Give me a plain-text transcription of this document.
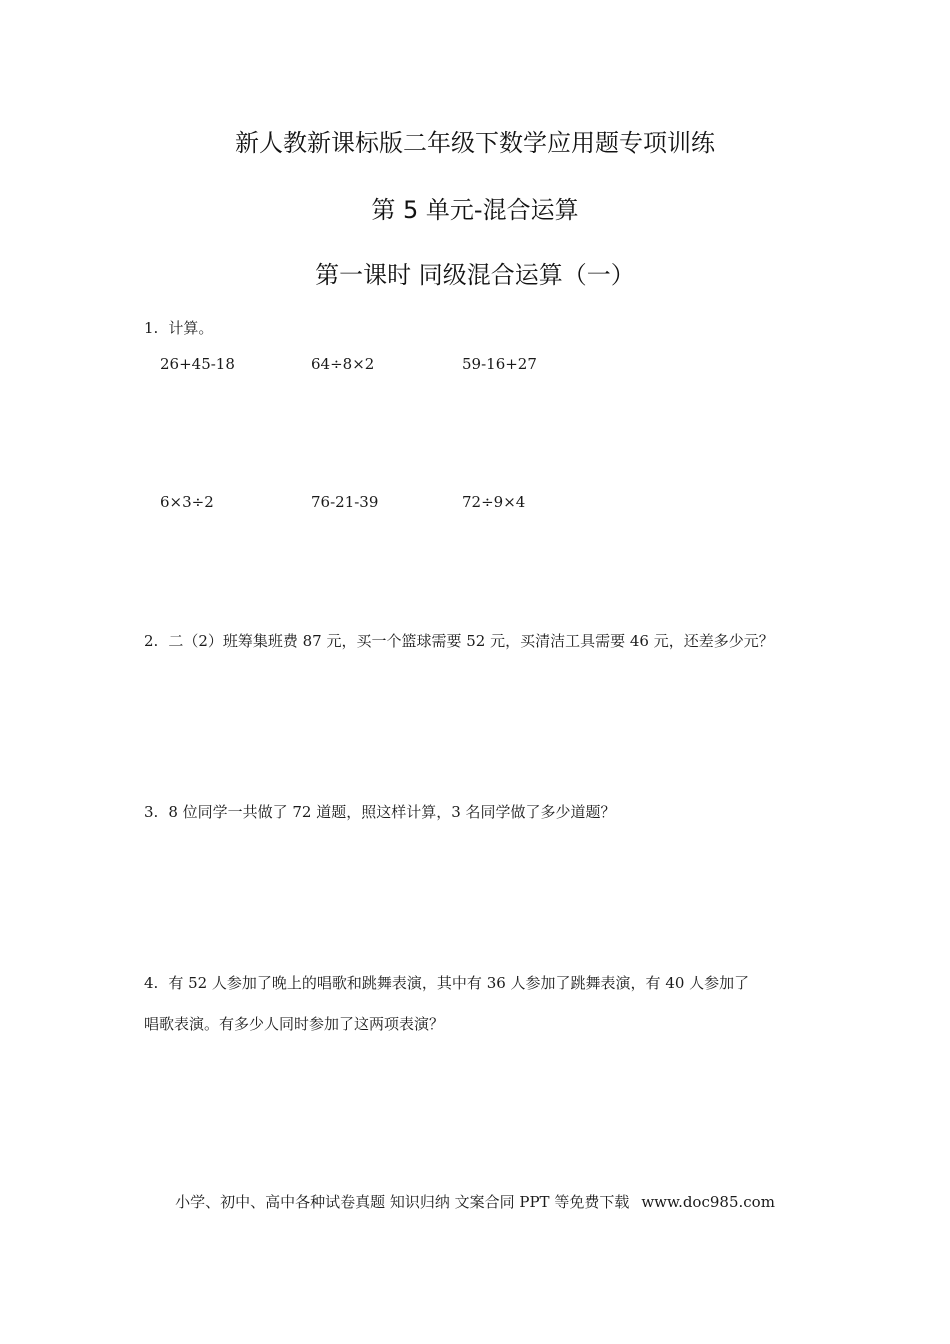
新人教新课标版二年级下数学应用题专项训练
第 5 单元-混合运算
第一课时 同级混合运算（一）
1. 计算。
26+45-18	64÷8×2	59-16+27
6×3÷2	76-21-39	72÷9×4
2. 二（2）班筹集班费 87 元，买一个篮球需要 52 元，买清洁工具需要 46 元，还差多少元？
3. 8 位同学一共做了 72 道题，照这样计算，3 名同学做了多少道题？
4. 有 52 人参加了晚上的唱歌和跳舞表演，其中有 36 人参加了跳舞表演，有 40 人参加了
唱歌表演。有多少人同时参加了这两项表演？
小学、初中、高中各种试卷真题 知识归纳 文案合同 PPT 等免费下载 www.doc985.com
